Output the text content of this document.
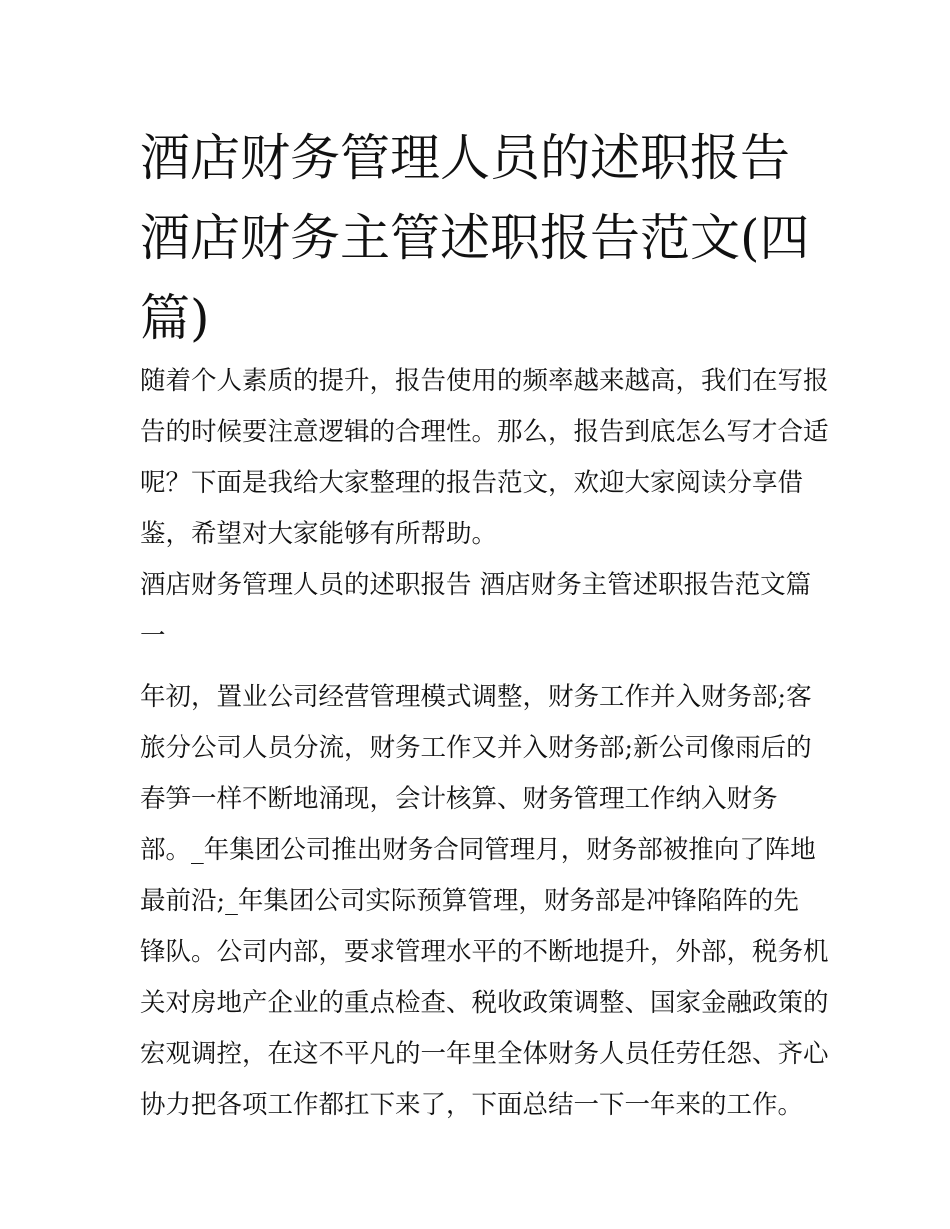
酒店财务管理人员的述职报告
酒店财务主管述职报告范文(四
篇)
随着个人素质的提升，报告使用的频率越来越高，我们在写报
告的时候要注意逻辑的合理性。那么，报告到底怎么写才合适
呢？下面是我给大家整理的报告范文，欢迎大家阅读分享借
鉴，希望对大家能够有所帮助。
酒店财务管理人员的述职报告 酒店财务主管述职报告范文篇
一
年初，置业公司经营管理模式调整，财务工作并入财务部;客
旅分公司人员分流，财务工作又并入财务部;新公司像雨后的
春笋一样不断地涌现，会计核算、财务管理工作纳入财务
部。_年集团公司推出财务合同管理月，财务部被推向了阵地
最前沿;_年集团公司实际预算管理，财务部是冲锋陷阵的先
锋队。公司内部，要求管理水平的不断地提升，外部，税务机
关对房地产企业的重点检查、税收政策调整、国家金融政策的
宏观调控，在这不平凡的一年里全体财务人员任劳任怨、齐心
协力把各项工作都扛下来了，下面总结一下一年来的工作。
